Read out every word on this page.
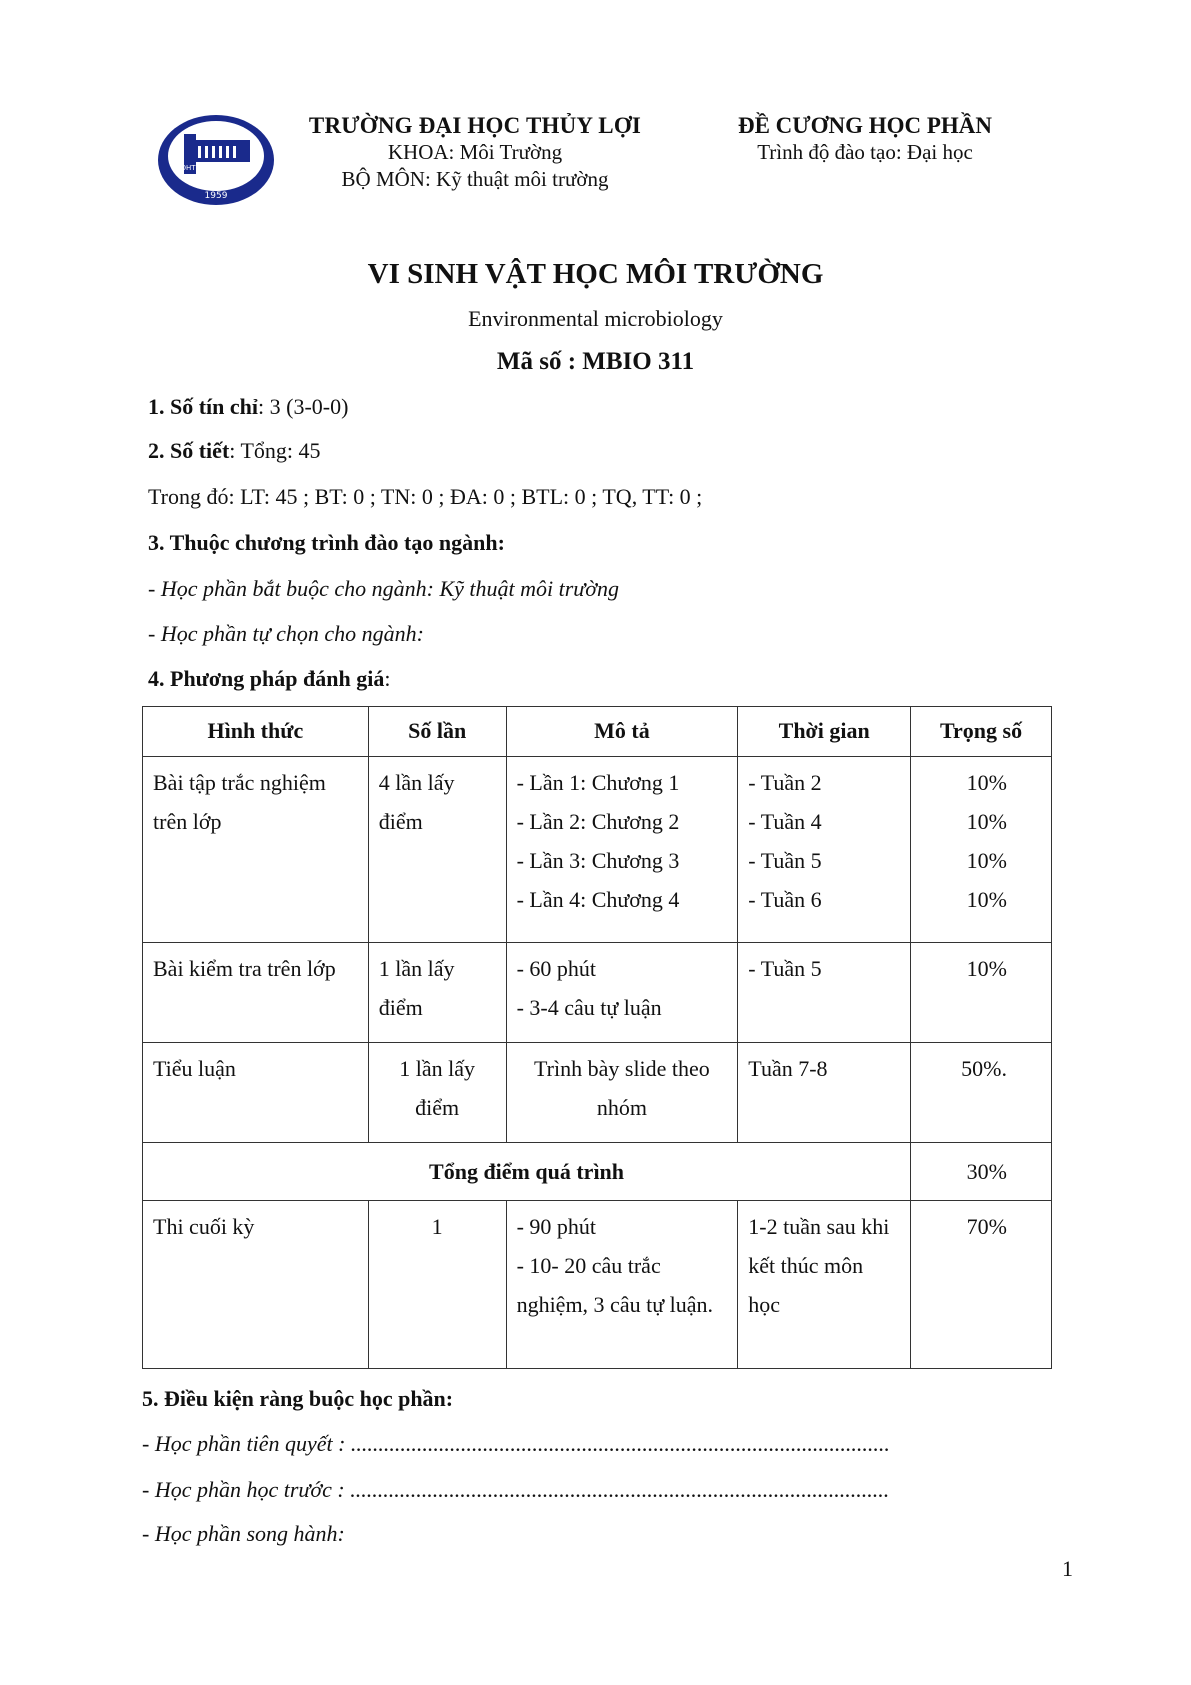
ĐHTL
1959
TRƯỜNG ĐẠI HỌC THỦY LỢI
KHOA: Môi Trường
BỘ MÔN: Kỹ thuật môi trường
ĐỀ CƯƠNG HỌC PHẦN
Trình độ đào tạo: Đại học
VI SINH VẬT HỌC MÔI TRƯỜNG
Environmental microbiology
Mã số : MBIO 311
1. Số tín chỉ: 3 (3-0-0)
2. Số tiết: Tổng: 45
Trong đó: LT: 45 ; BT: 0 ; TN: 0 ; ĐA: 0 ; BTL: 0 ; TQ, TT: 0 ;
3. Thuộc chương trình đào tạo ngành:
- Học phần bắt buộc cho ngành: Kỹ thuật môi trường
- Học phần tự chọn cho ngành:
4. Phương pháp đánh giá:
Hình thức	Số lần	Mô tả	Thời gian	Trọng số
Bài tập trắc nghiệm trên lớp	4 lần lấy điểm	- Lần 1: Chương 1
- Lần 2: Chương 2
- Lần 3: Chương 3
- Lần 4: Chương 4	- Tuần 2
- Tuần 4
- Tuần 5
- Tuần 6	10%
10%
10%
10%

Bài kiểm tra trên lớp	1 lần lấy điểm	- 60 phút
- 3-4 câu tự luận	- Tuần 5	10%
Tiểu luận	1 lần lấy điểm	Trình bày slide theo nhóm	Tuần 7-8	50%.
Tổng điểm quá trình				30%
Thi cuối kỳ	1	- 90 phút
- 10- 20 câu trắc nghiệm, 3 câu tự luận.	1-2 tuần sau khi kết thúc môn học	70%
5. Điều kiện ràng buộc học phần:
- Học phần tiên quyết : ..................................................................................................
- Học phần học trước : ..................................................................................................
- Học phần song hành:
1
